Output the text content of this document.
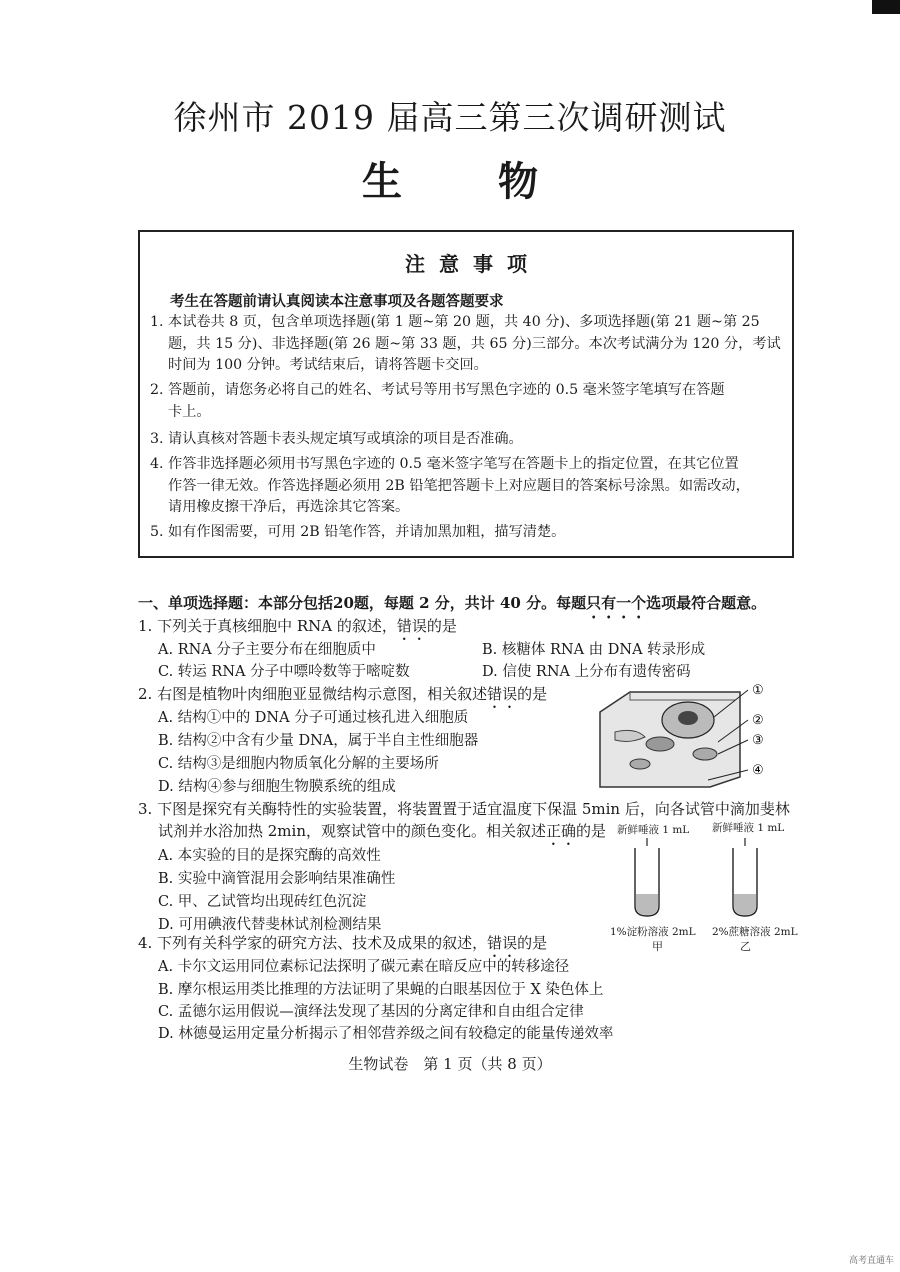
徐州市 2019 届高三第三次调研测试
生物
注意事项
考生在答题前请认真阅读本注意事项及各题答题要求
1. 本试卷共 8 页，包含单项选择题(第 1 题~第 20 题，共 40 分)、多项选择题(第 21 题~第 25
题，共 15 分)、非选择题(第 26 题~第 33 题，共 65 分)三部分。本次考试满分为 120 分，考试
时间为 100 分钟。考试结束后，请将答题卡交回。
2. 答题前，请您务必将自己的姓名、考试号等用书写黑色字迹的 0.5 毫米签字笔填写在答题
卡上。
3. 请认真核对答题卡表头规定填写或填涂的项目是否准确。
4. 作答非选择题必须用书写黑色字迹的 0.5 毫米签字笔写在答题卡上的指定位置，在其它位置
作答一律无效。作答选择题必须用 2B 铅笔把答题卡上对应题目的答案标号涂黑。如需改动，
请用橡皮擦干净后，再选涂其它答案。
5. 如有作图需要，可用 2B 铅笔作答，并请加黑加粗，描写清楚。
一、单项选择题：本部分包括20题，每题 2 分，共计 40 分。每题只有一个选项最符合题意。
1. 下列关于真核细胞中 RNA 的叙述，错误的是
A. RNA 分子主要分布在细胞质中	B. 核糖体 RNA 由 DNA 转录形成
C. 转运 RNA 分子中嘌呤数等于嘧啶数	D. 信使 RNA 上分布有遗传密码
2. 右图是植物叶肉细胞亚显微结构示意图，相关叙述错误的是
A. 结构①中的 DNA 分子可通过核孔进入细胞质
B. 结构②中含有少量 DNA，属于半自主性细胞器
C. 结构③是细胞内物质氧化分解的主要场所
D. 结构④参与细胞生物膜系统的组成
①
②
③
④
3. 下图是探究有关酶特性的实验装置，将装置置于适宜温度下保温 5min 后，向各试管中滴加斐林
试剂并水浴加热 2min，观察试管中的颜色变化。相关叙述正确的是
A. 本实验的目的是探究酶的高效性
B. 实验中滴管混用会影响结果准确性
C. 甲、乙试管均出现砖红色沉淀
D. 可用碘液代替斐林试剂检测结果
新鲜唾液 1 mL 新鲜唾液 1 mL
1%淀粉溶液 2mL 2%蔗糖溶液 2mL
甲	乙
4. 下列有关科学家的研究方法、技术及成果的叙述，错误的是
A. 卡尔文运用同位素标记法探明了碳元素在暗反应中的转移途径
B. 摩尔根运用类比推理的方法证明了果蝇的白眼基因位于 X 染色体上
C. 孟德尔运用假说—演绎法发现了基因的分离定律和自由组合定律
D. 林德曼运用定量分析揭示了相邻营养级之间有较稳定的能量传递效率
生物试卷　第 1 页（共 8 页）
高考直通车
